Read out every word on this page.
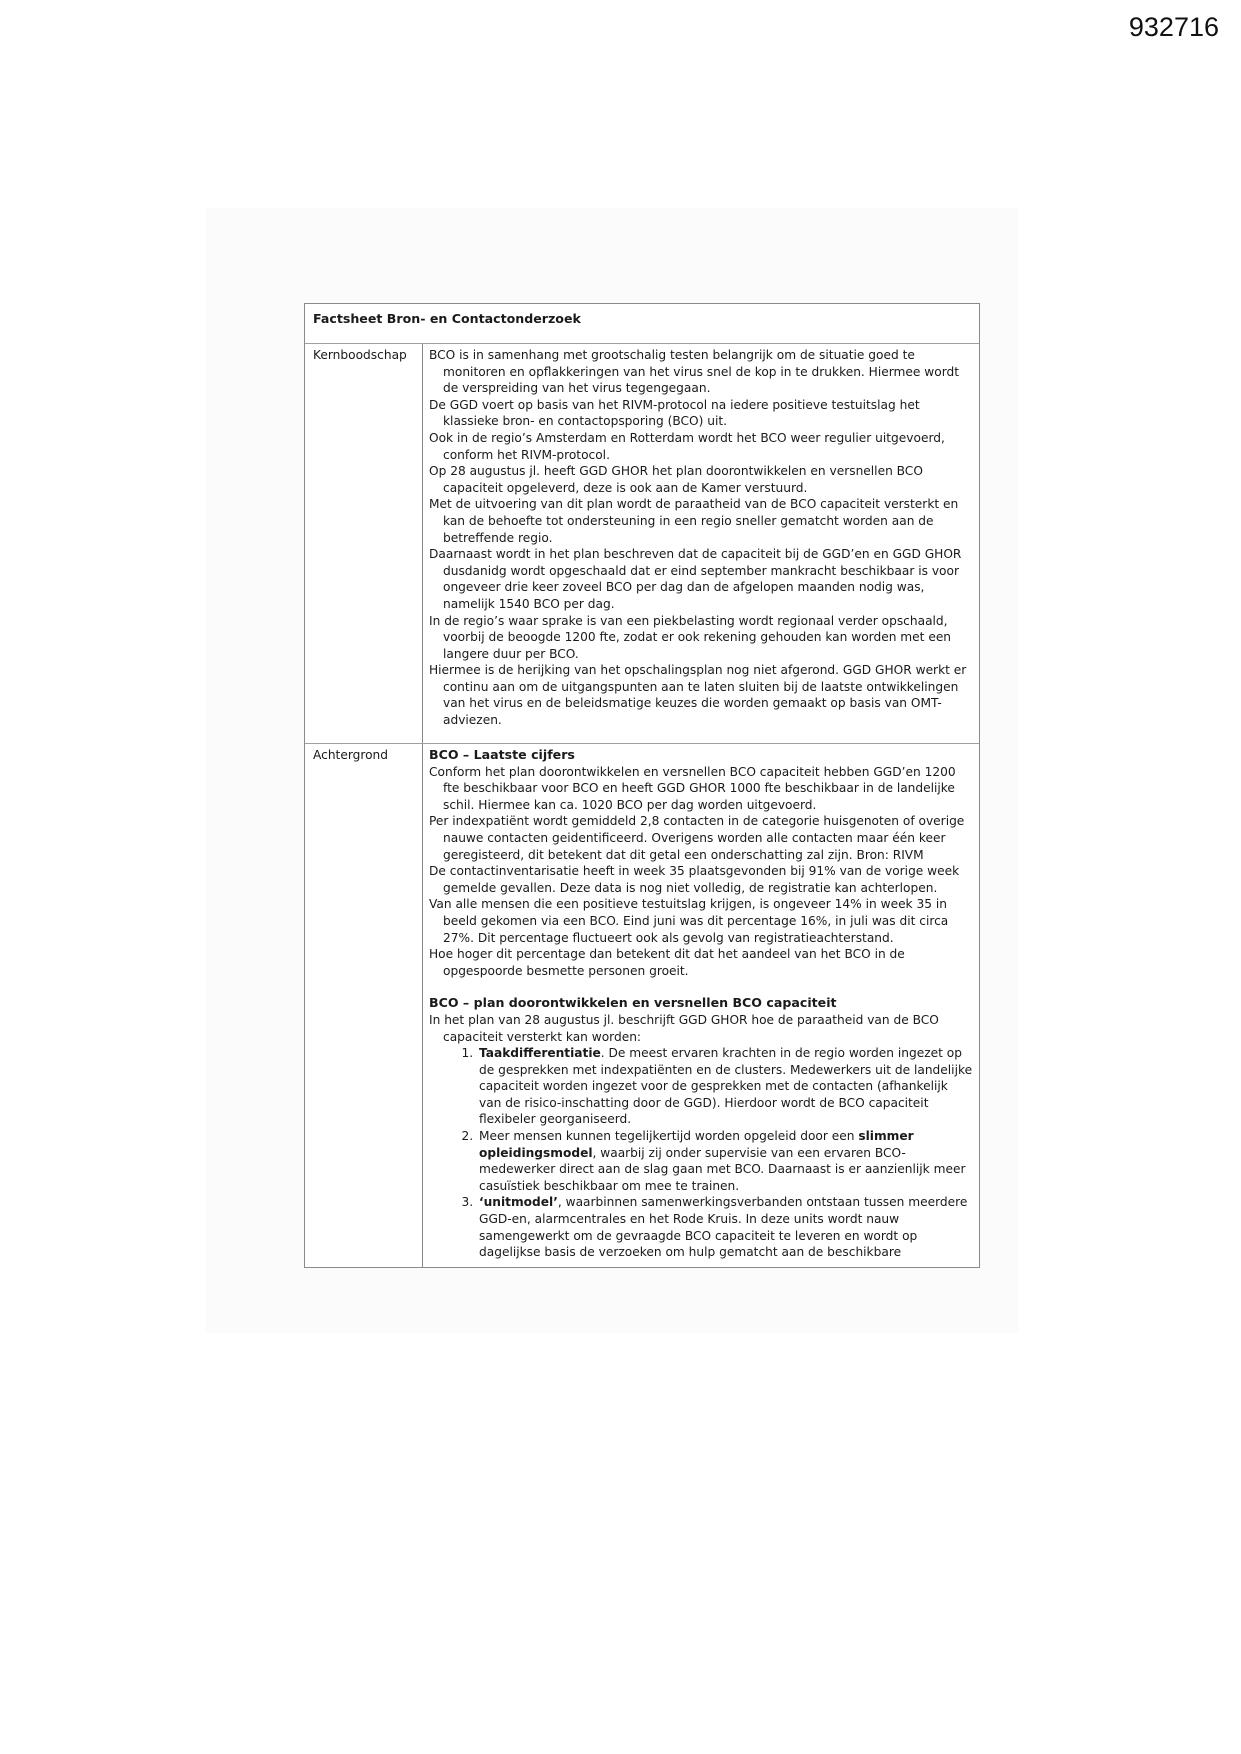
932716
Factsheet Bron- en Contactonderzoek
Kernboodschap	BCO is in samenhang met grootschalig testen belangrijk om de situatie goed te monitoren en opflakkeringen van het virus snel de kop in te drukken. Hiermee wordt de verspreiding van het virus tegengegaan.

De GGD voert op basis van het RIVM-protocol na iedere positieve testuitslag het klassieke bron- en contactopsporing (BCO) uit.

Ook in de regio’s Amsterdam en Rotterdam wordt het BCO weer regulier uitgevoerd, conform het RIVM-protocol.

Op 28 augustus jl. heeft GGD GHOR het plan doorontwikkelen en versnellen BCO capaciteit opgeleverd, deze is ook aan de Kamer verstuurd.

Met de uitvoering van dit plan wordt de paraatheid van de BCO capaciteit versterkt en kan de behoefte tot ondersteuning in een regio sneller gematcht worden aan de betreffende regio.

Daarnaast wordt in het plan beschreven dat de capaciteit bij de GGD’en en GGD GHOR dusdanidg wordt opgeschaald dat er eind september mankracht beschikbaar is voor ongeveer drie keer zoveel BCO per dag dan de afgelopen maanden nodig was, namelijk 1540 BCO per dag.

In de regio’s waar sprake is van een piekbelasting wordt regionaal verder opschaald, voorbij de beoogde 1200 fte, zodat er ook rekening gehouden kan worden met een langere duur per BCO.

Hiermee is de herijking van het opschalingsplan nog niet afgerond. GGD GHOR werkt er continu aan om de uitgangspunten aan te laten sluiten bij de laatste ontwikkelingen van het virus en de beleidsmatige keuzes die worden gemaakt op basis van OMT-adviezen.

Achtergrond	BCO – Laatste cijfers

Conform het plan doorontwikkelen en versnellen BCO capaciteit hebben GGD’en 1200 fte beschikbaar voor BCO en heeft GGD GHOR 1000 fte beschikbaar in de landelijke schil. Hiermee kan ca. 1020 BCO per dag worden uitgevoerd.

Per indexpatiënt wordt gemiddeld 2,8 contacten in de categorie huisgenoten of overige nauwe contacten geidentificeerd. Overigens worden alle contacten maar één keer geregisteerd, dit betekent dat dit getal een onderschatting zal zijn. Bron: RIVM

De contactinventarisatie heeft in week 35 plaatsgevonden bij 91% van de vorige week gemelde gevallen. Deze data is nog niet volledig, de registratie kan achterlopen.

Van alle mensen die een positieve testuitslag krijgen, is ongeveer 14% in week 35 in beeld gekomen via een BCO. Eind juni was dit percentage 16%, in juli was dit circa 27%. Dit percentage fluctueert ook als gevolg van registratieachterstand.

Hoe hoger dit percentage dan betekent dit dat het aandeel van het BCO in de opgespoorde besmette personen groeit.

BCO – plan doorontwikkelen en versnellen BCO capaciteit

In het plan van 28 augustus jl. beschrijft GGD GHOR hoe de paraatheid van de BCO capaciteit versterkt kan worden:

1. Taakdifferentiatie. De meest ervaren krachten in de regio worden ingezet op de gesprekken met indexpatiënten en de clusters. Medewerkers uit de landelijke capaciteit worden ingezet voor de gesprekken met de contacten (afhankelijk van de risico-inschatting door de GGD). Hierdoor wordt de BCO capaciteit flexibeler georganiseerd.
2. Meer mensen kunnen tegelijkertijd worden opgeleid door een slimmer opleidingsmodel, waarbij zij onder supervisie van een ervaren BCO-medewerker direct aan de slag gaan met BCO. Daarnaast is er aanzienlijk meer casuïstiek beschikbaar om mee te trainen.
3. ‘unitmodel’, waarbinnen samenwerkingsverbanden ontstaan tussen meerdere GGD-en, alarmcentrales en het Rode Kruis. In deze units wordt nauw samengewerkt om de gevraagde BCO capaciteit te leveren en wordt op dagelijkse basis de verzoeken om hulp gematcht aan de beschikbare
